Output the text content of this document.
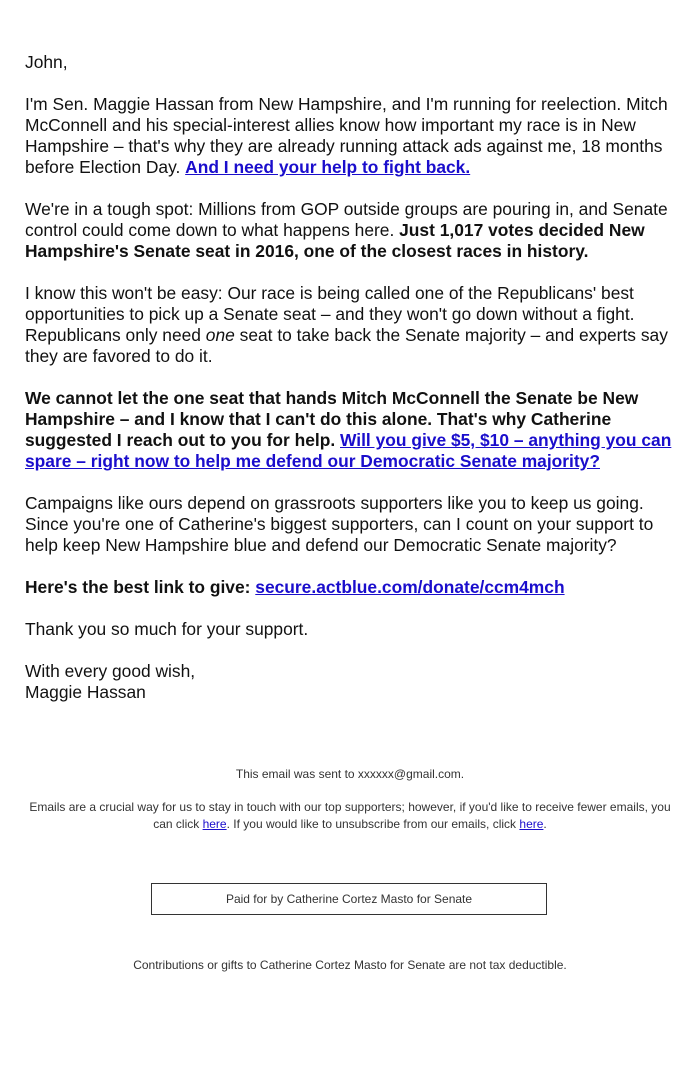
John,

I'm Sen. Maggie Hassan from New Hampshire, and I'm running for reelection. Mitch McConnell and his special-interest allies know how important my race is in New Hampshire – that's why they are already running attack ads against me, 18 months before Election Day. And I need your help to fight back.

We're in a tough spot: Millions from GOP outside groups are pouring in, and Senate control could come down to what happens here. Just 1,017 votes decided New Hampshire's Senate seat in 2016, one of the closest races in history.

I know this won't be easy: Our race is being called one of the Republicans' best opportunities to pick up a Senate seat – and they won't go down without a fight. Republicans only need one seat to take back the Senate majority – and experts say they are favored to do it.

We cannot let the one seat that hands Mitch McConnell the Senate be New Hampshire – and I know that I can't do this alone. That's why Catherine suggested I reach out to you for help. Will you give $5, $10 – anything you can spare – right now to help me defend our Democratic Senate majority?

Campaigns like ours depend on grassroots supporters like you to keep us going. Since you're one of Catherine's biggest supporters, can I count on your support to help keep New Hampshire blue and defend our Democratic Senate majority?

Here's the best link to give: secure.actblue.com/donate/ccm4mch

Thank you so much for your support.

With every good wish,

Maggie Hassan

This email was sent to xxxxxx@gmail.com.
Emails are a crucial way for us to stay in touch with our top supporters; however, if you'd like to receive fewer emails, you can click here. If you would like to unsubscribe from our emails, click here.
Paid for by Catherine Cortez Masto for Senate
Contributions or gifts to Catherine Cortez Masto for Senate are not tax deductible.
